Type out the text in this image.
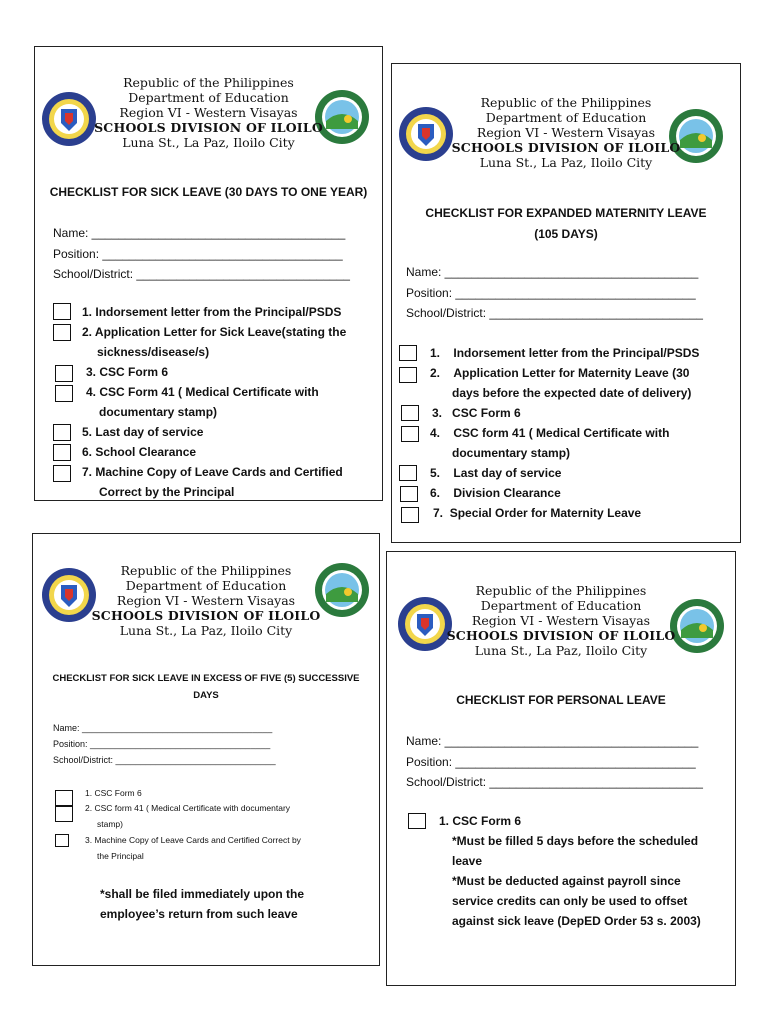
Republic of the Philippines
Department of Education
Region VI - Western Visayas
SCHOOLS DIVISION OF ILOILO
Luna St., La Paz, Iloilo City
CHECKLIST FOR SICK LEAVE (30 DAYS TO ONE YEAR)
Name: ______________________________________
Position: ____________________________________
School/District: ________________________________
1. Indorsement letter from the Principal/PSDS
2. Application Letter for Sick Leave(stating the
sickness/disease/s)
3. CSC Form 6
4. CSC Form 41 ( Medical Certificate with
documentary stamp)
5. Last day of service
6. School Clearance
7. Machine Copy of Leave Cards and Certified
Correct by the Principal
Republic of the Philippines
Department of Education
Region VI - Western Visayas
SCHOOLS DIVISION OF ILOILO
Luna St., La Paz, Iloilo City
CHECKLIST FOR EXPANDED MATERNITY LEAVE
(105 DAYS)
Name: ______________________________________
Position: ____________________________________
School/District: ________________________________
1. Indorsement letter from the Principal/PSDS
2. Application Letter for Maternity Leave (30
days before the expected date of delivery)
3. CSC Form 6
4. CSC form 41 ( Medical Certificate with
documentary stamp)
5. Last day of service
6. Division Clearance
7. Special Order for Maternity Leave
Republic of the Philippines
Department of Education
Region VI - Western Visayas
SCHOOLS DIVISION OF ILOILO
Luna St., La Paz, Iloilo City
CHECKLIST FOR SICK LEAVE IN EXCESS OF FIVE (5) SUCCESSIVE
DAYS
Name: ______________________________________
Position: ____________________________________
School/District: ________________________________
1. CSC Form 6
2. CSC form 41 ( Medical Certificate with documentary
stamp)
3. Machine Copy of Leave Cards and Certified Correct by
the Principal
*shall be filed immediately upon the
employee’s return from such leave
Republic of the Philippines
Department of Education
Region VI - Western Visayas
SCHOOLS DIVISION OF ILOILO
Luna St., La Paz, Iloilo City
CHECKLIST FOR PERSONAL LEAVE
Name: ______________________________________
Position: ____________________________________
School/District: ________________________________
1. CSC Form 6
*Must be filled 5 days before the scheduled
leave
*Must be deducted against payroll since
service credits can only be used to offset
against sick leave (DepED Order 53 s. 2003)
